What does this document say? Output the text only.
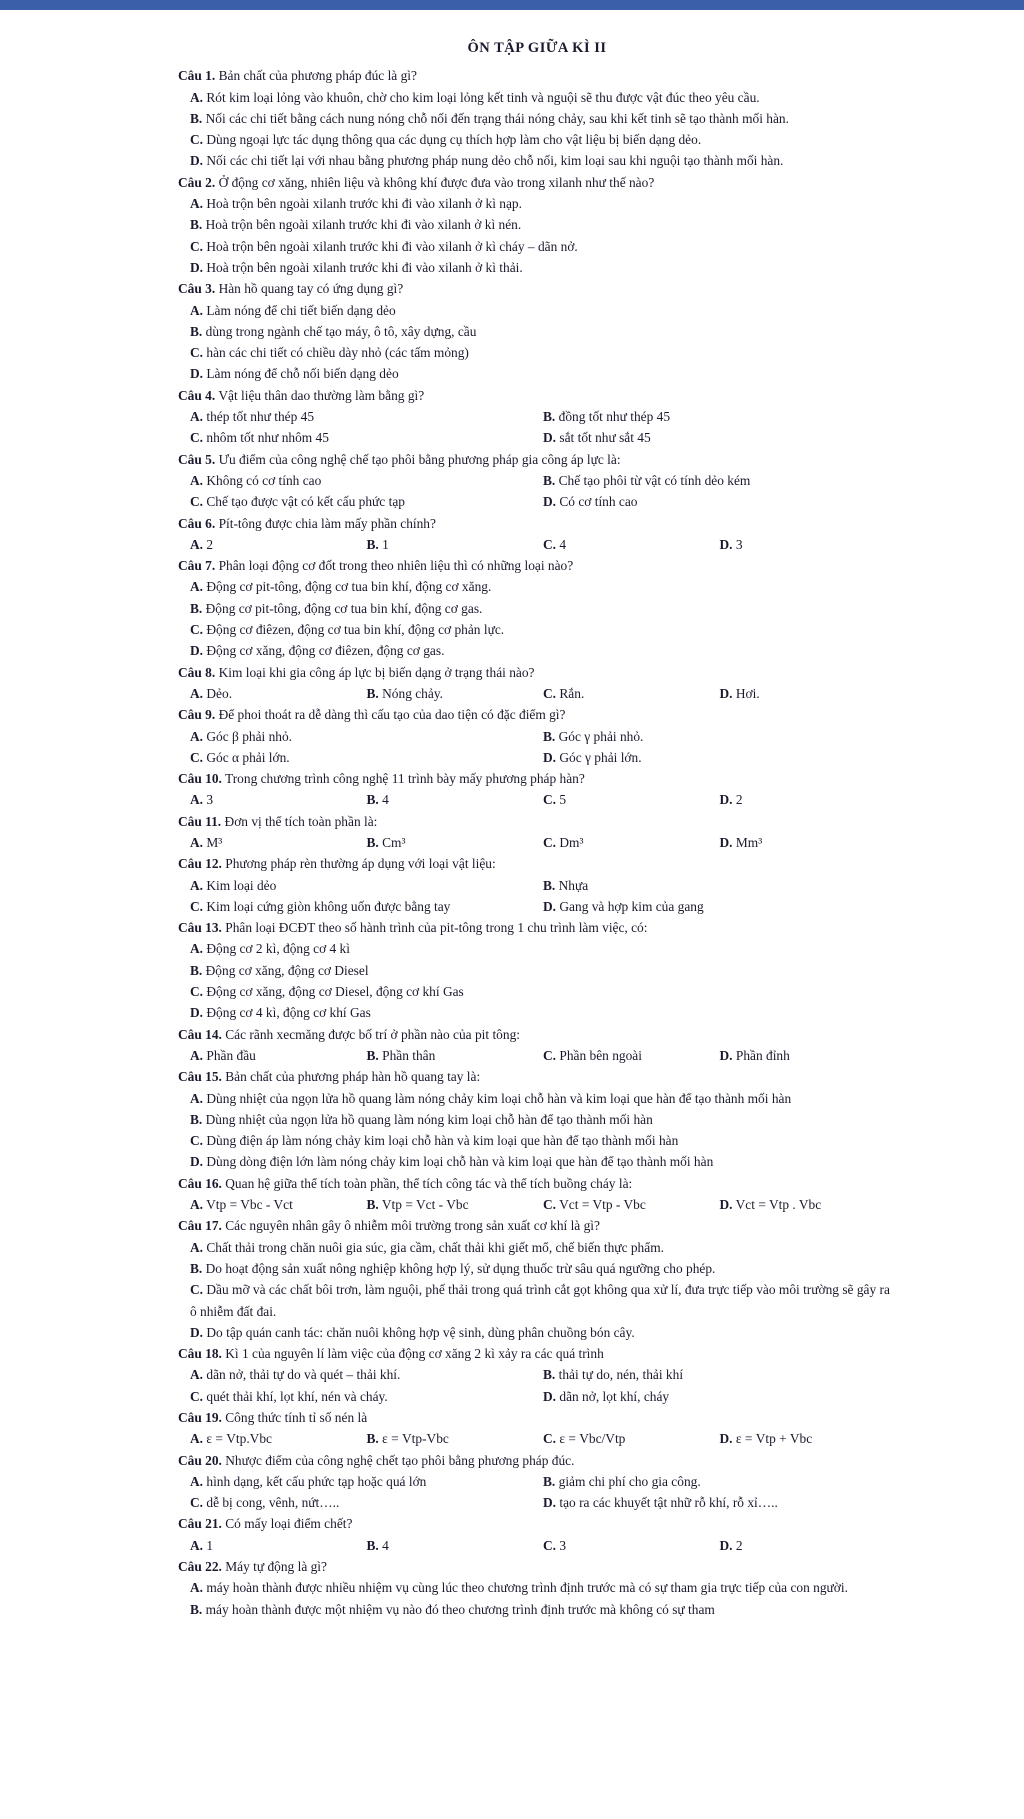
ÔN TẬP GIỮA KÌ II
Câu 1. Bản chất của phương pháp đúc là gì?
A. Rót kim loại lỏng vào khuôn, chờ cho kim loại lỏng kết tinh và nguội sẽ thu được vật đúc theo yêu cầu.
B. Nối các chi tiết bằng cách nung nóng chỗ nối đến trạng thái nóng chảy, sau khi kết tinh sẽ tạo thành mối hàn.
C. Dùng ngoại lực tác dụng thông qua các dụng cụ thích hợp làm cho vật liệu bị biến dạng dẻo.
D. Nối các chi tiết lại với nhau bằng phương pháp nung dẻo chỗ nối, kim loại sau khi nguội tạo thành mối hàn.
Câu 2. Ở động cơ xăng, nhiên liệu và không khí được đưa vào trong xilanh như thế nào?
A. Hoà trộn bên ngoài xilanh trước khi đi vào xilanh ở kì nạp.
B. Hoà trộn bên ngoài xilanh trước khi đi vào xilanh ở kì nén.
C. Hoà trộn bên ngoài xilanh trước khi đi vào xilanh ở kì cháy – dãn nở.
D. Hoà trộn bên ngoài xilanh trước khi đi vào xilanh ở kì thải.
Câu 3. Hàn hồ quang tay có ứng dụng gì?
A. Làm nóng để chi tiết biến dạng dẻo
B. dùng trong ngành chế tạo máy, ô tô, xây dựng, cầu
C. hàn các chi tiết có chiều dày nhỏ (các tấm mỏng)
D. Làm nóng để chỗ nối biến dạng dẻo
Câu 4. Vật liệu thân dao thường làm bằng gì?
A. thép tốt như thép 45	B. đồng tốt như thép 45
C. nhôm tốt như nhôm 45	D. sắt tốt như sắt 45
Câu 5. Ưu điểm của công nghệ chế tạo phôi bằng phương pháp gia công áp lực là:
A. Không có cơ tính cao	B. Chế tạo phôi từ vật có tính dẻo kém
C. Chế tạo được vật có kết cấu phức tạp	D. Có cơ tính cao
Câu 6. Pít-tông được chia làm mấy phần chính?
A. 2	B. 1	C. 4	D. 3
Câu 7. Phân loại động cơ đốt trong theo nhiên liệu thì có những loại nào?
A. Động cơ pit-tông, động cơ tua bin khí, động cơ xăng.
B. Động cơ pit-tông, động cơ tua bin khí, động cơ gas.
C. Động cơ điêzen, động cơ tua bin khí, động cơ phản lực.
D. Động cơ xăng, động cơ điêzen, động cơ gas.
Câu 8. Kim loại khi gia công áp lực bị biến dạng ở trạng thái nào?
A. Dẻo.	B. Nóng chảy.	C. Rắn.	D. Hơi.
Câu 9. Để phoi thoát ra dễ dàng thì cấu tạo của dao tiện có đặc điểm gì?
A. Góc β phải nhỏ.	B. Góc γ phải nhỏ.
C. Góc α phải lớn.	D. Góc γ phải lớn.
Câu 10. Trong chương trình công nghệ 11 trình bày mấy phương pháp hàn?
A. 3	B. 4	C. 5	D. 2
Câu 11. Đơn vị thể tích toàn phần là:
A. M³	B. Cm³	C. Dm³	D. Mm³
Câu 12. Phương pháp rèn thường áp dụng với loại vật liệu:
A. Kim loại dẻo	B. Nhựa
C. Kim loại cứng giòn không uốn được bằng tay	D. Gang và hợp kim của gang
Câu 13. Phân loại ĐCĐT theo số hành trình của pit-tông trong 1 chu trình làm việc, có:
A. Động cơ 2 kì, động cơ 4 kì
B. Động cơ xăng, động cơ Diesel
C. Động cơ xăng, động cơ Diesel, động cơ khí Gas
D. Động cơ 4 kì, động cơ khí Gas
Câu 14. Các rãnh xecmăng được bố trí ở phần nào của pit tông:
A. Phần đầu	B. Phần thân	C. Phần bên ngoài	D. Phần đỉnh
Câu 15. Bản chất của phương pháp hàn hồ quang tay là:
A. Dùng nhiệt của ngọn lửa hồ quang làm nóng chảy kim loại chỗ hàn và kim loại que hàn để tạo thành mối hàn
B. Dùng nhiệt của ngọn lửa hồ quang làm nóng kim loại chỗ hàn để tạo thành mối hàn
C. Dùng điện áp làm nóng chảy kim loại chỗ hàn và kim loại que hàn để tạo thành mối hàn
D. Dùng dòng điện lớn làm nóng chảy kim loại chỗ hàn và kim loại que hàn để tạo thành mối hàn
Câu 16. Quan hệ giữa thể tích toàn phần, thể tích công tác và thể tích buồng cháy là:
A. Vtp = Vbc - Vct	B. Vtp = Vct - Vbc	C. Vct = Vtp - Vbc	D. Vct = Vtp . Vbc
Câu 17. Các nguyên nhân gây ô nhiễm môi trường trong sản xuất cơ khí là gì?
A. Chất thải trong chăn nuôi gia súc, gia cầm, chất thải khi giết mổ, chế biến thực phẩm.
B. Do hoạt động sản xuất nông nghiệp không hợp lý, sử dụng thuốc trừ sâu quá ngưỡng cho phép.
C. Dầu mỡ và các chất bôi trơn, làm nguội, phế thải trong quá trình cắt gọt không qua xử lí, đưa trực tiếp vào môi trường sẽ gây ra ô nhiễm đất đai.
D. Do tập quán canh tác: chăn nuôi không hợp vệ sinh, dùng phân chuồng bón cây.
Câu 18. Kì 1 của nguyên lí làm việc của động cơ xăng 2 kì xảy ra các quá trình
A. dãn nở, thải tự do và quét – thải khí.	B. thải tự do, nén, thải khí
C. quét thải khí, lọt khí, nén và cháy.	D. dãn nở, lọt khí, cháy
Câu 19. Công thức tính tỉ số nén là
A. ε = Vtp.Vbc	B. ε = Vtp-Vbc	C. ε = Vbc/Vtp	D. ε = Vtp + Vbc
Câu 20. Nhược điểm của công nghệ chết tạo phôi bằng phương pháp đúc.
A. hình dạng, kết cấu phức tạp hoặc quá lớn	B. giảm chi phí cho gia công.
C. dễ bị cong, vênh, nứt…..	D. tạo ra các khuyết tật nhữ rỗ khí, rỗ xỉ…..
Câu 21. Có mấy loại điểm chết?
A. 1	B. 4	C. 3	D. 2
Câu 22. Máy tự động là gì?
A. máy hoàn thành được nhiều nhiệm vụ cùng lúc theo chương trình định trước mà có sự tham gia trực tiếp của con người.
B. máy hoàn thành được một nhiệm vụ nào đó theo chương trình định trước mà không có sự tham
